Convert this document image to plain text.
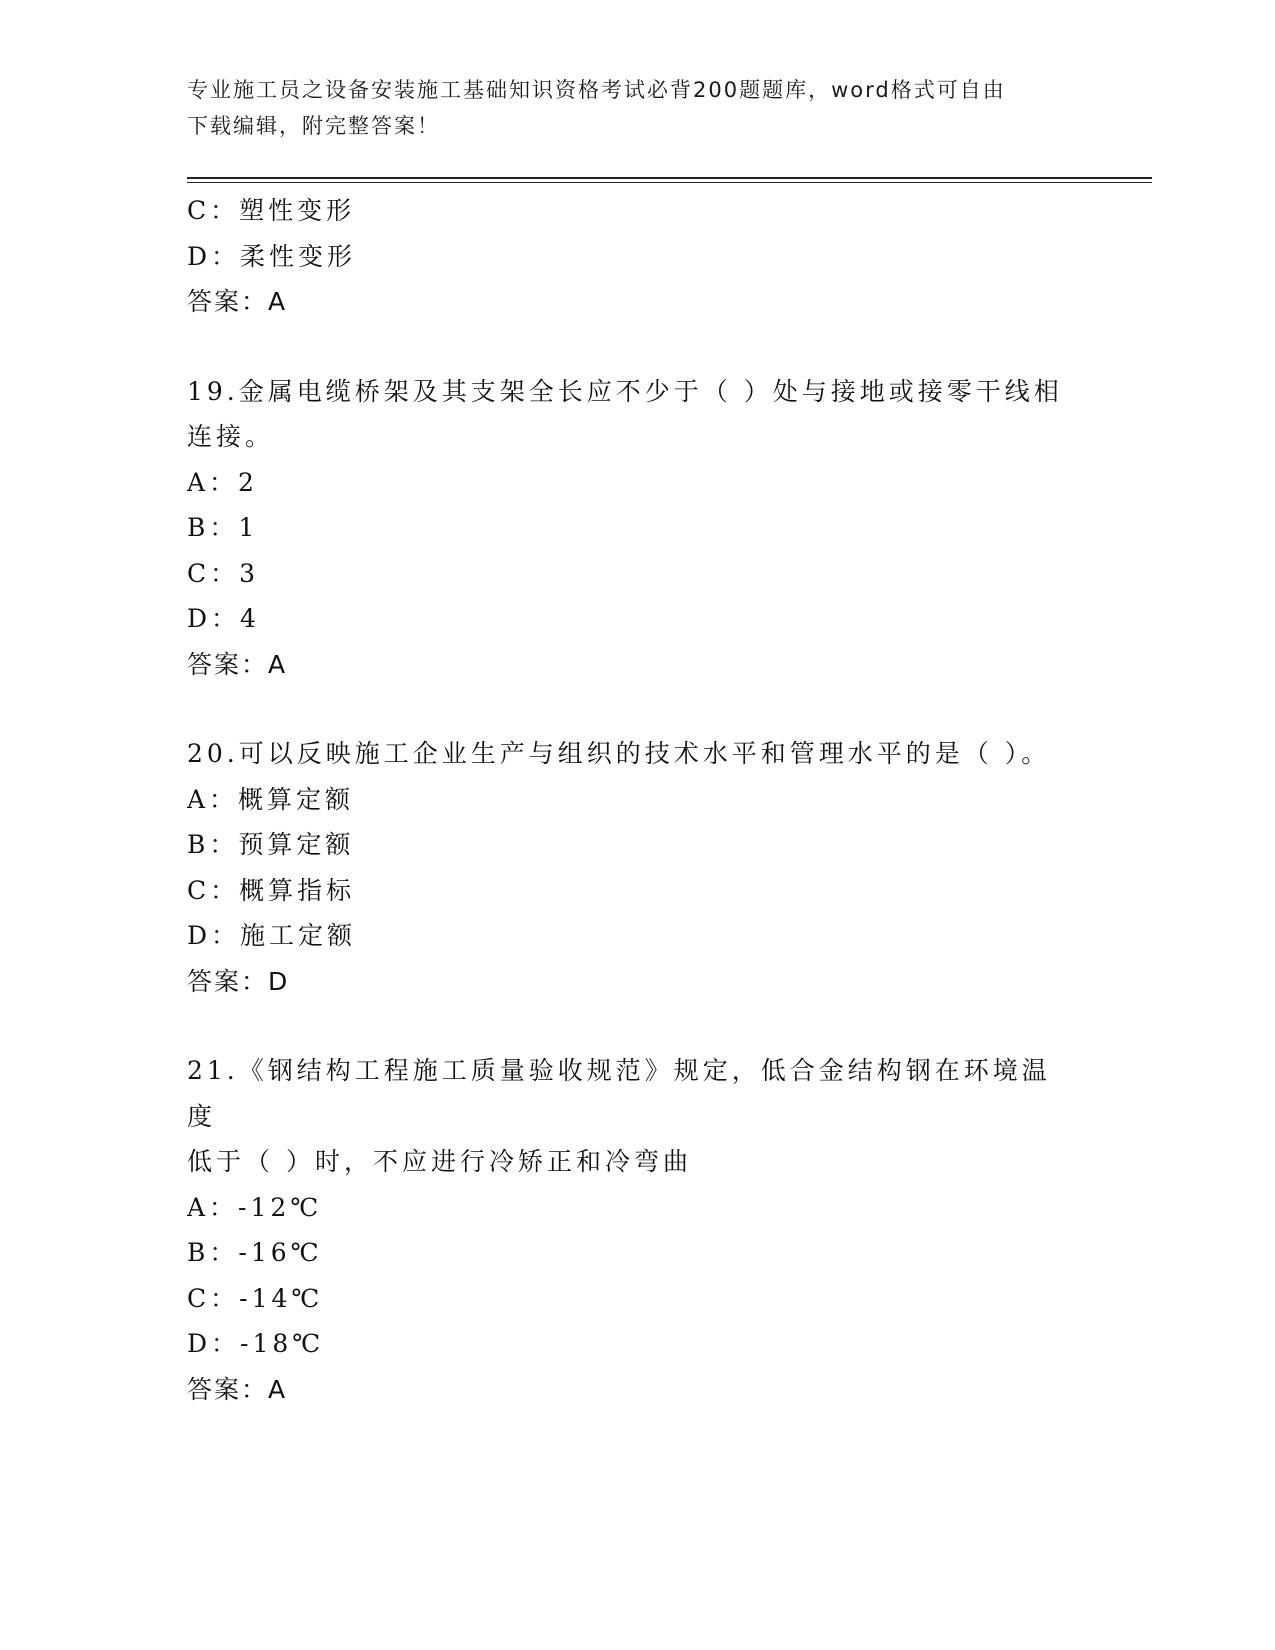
专业施工员之设备安装施工基础知识资格考试必背200题题库，word格式可自由
下载编辑，附完整答案！
C：塑性变形
D：柔性变形
答案：A
19.金属电缆桥架及其支架全长应不少于（ ）处与接地或接零干线相
连接。
A：2
B：1
C：3
D：4
答案：A
20.可以反映施工企业生产与组织的技术水平和管理水平的是（ ）。
A：概算定额
B：预算定额
C：概算指标
D：施工定额
答案：D
21.《钢结构工程施工质量验收规范》规定，低合金结构钢在环境温度
低于（ ）时，不应进行冷矫正和冷弯曲
A：-12℃
B：-16℃
C：-14℃
D：-18℃
答案：A
